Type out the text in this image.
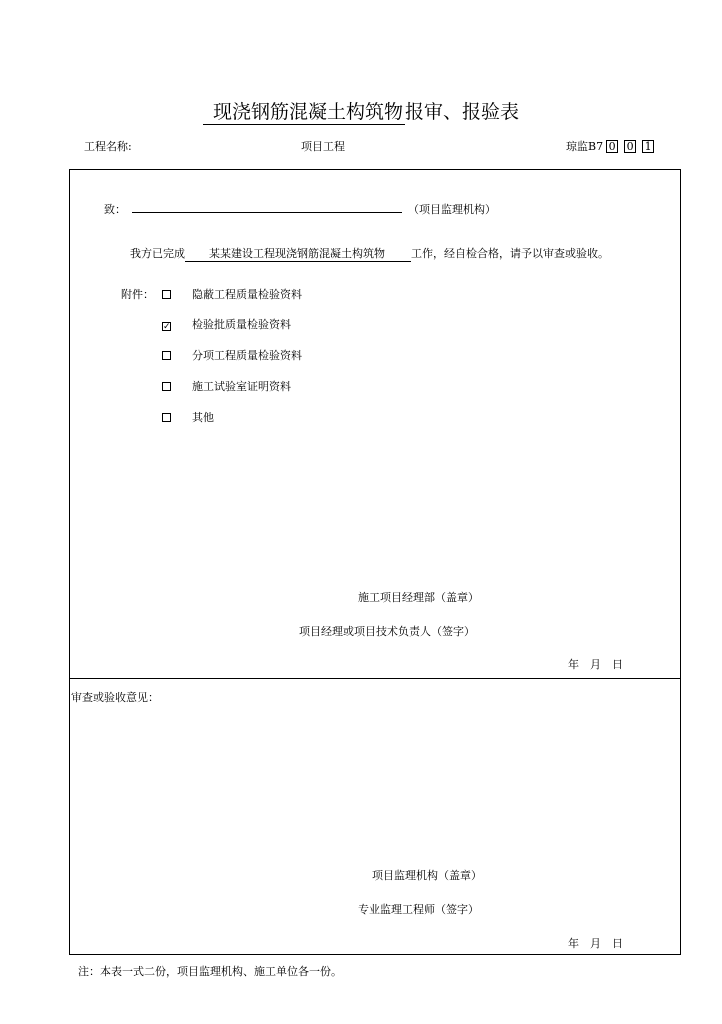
现浇钢筋混凝土构筑物 报审、报验表
工程名称:	项目工程	琼监B7 0 0 1
致：	（项目监理机构）
我方已完成 某某建设工程现浇钢筋混凝土构筑物 工作，经自检合格，请予以审查或验收。
附件：	隐蔽工程质量检验资料
✓ 检验批质量检验资料
分项工程质量检验资料
施工试验室证明资料
其他
施工项目经理部（盖章）
项目经理或项目技术负责人（签字）
年　月　日
审查或验收意见：
项目监理机构（盖章）
专业监理工程师（签字）
年　月　日
注：本表一式二份，项目监理机构、施工单位各一份。
